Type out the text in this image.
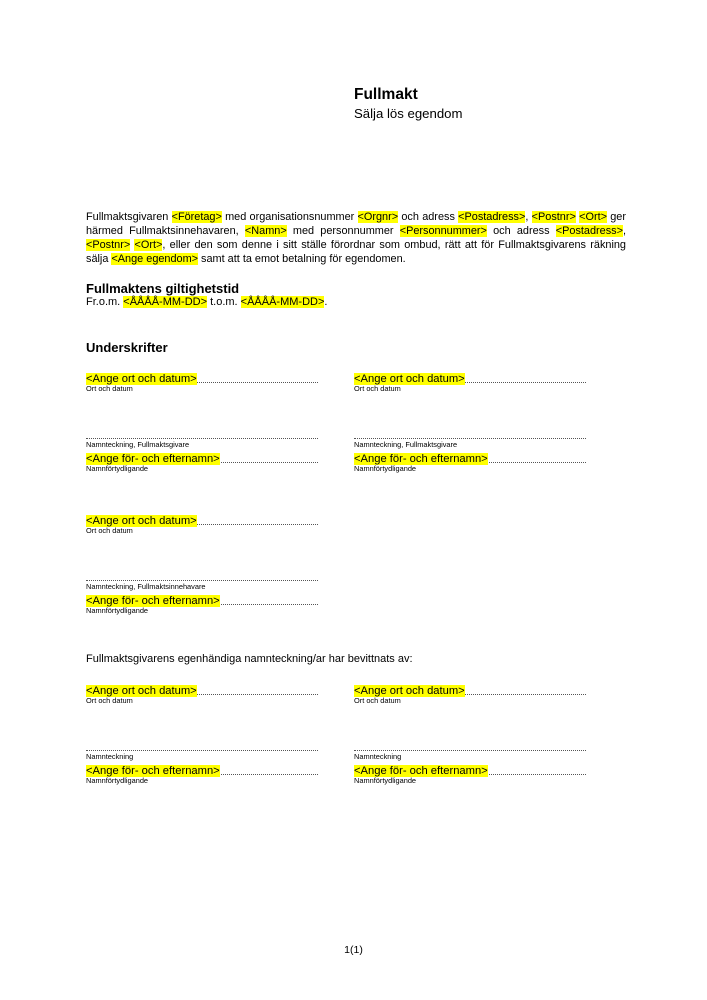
Fullmakt
Sälja lös egendom
Fullmaktsgivaren <Företag> med organisationsnummer <Orgnr> och adress <Postadress>, <Postnr> <Ort> ger härmed Fullmaktsinnehavaren, <Namn> med personnummer <Personnummer> och adress <Postadress>, <Postnr> <Ort>, eller den som denne i sitt ställe förordnar som ombud, rätt att för Fullmaktsgivarens räkning sälja <Ange egendom> samt att ta emot betalning för egendomen.
Fullmaktens giltighetstid
Fr.o.m. <ÅÅÅÅ-MM-DD> t.o.m. <ÅÅÅÅ-MM-DD>.
Underskrifter
<Ange ort och datum>
Ort och datum
Namnteckning, Fullmaktsgivare
<Ange för- och efternamn>
Namnförtydligande
<Ange ort och datum>
Ort och datum
Namnteckning, Fullmaktsgivare
<Ange för- och efternamn>
Namnförtydligande
<Ange ort och datum>
Ort och datum
Namnteckning, Fullmaktsinnehavare
<Ange för- och efternamn>
Namnförtydligande
Fullmaktsgivarens egenhändiga namnteckning/ar har bevittnats av:
<Ange ort och datum>
Ort och datum
Namnteckning
<Ange för- och efternamn>
Namnförtydligande
<Ange ort och datum>
Ort och datum
Namnteckning
<Ange för- och efternamn>
Namnförtydligande
1(1)
